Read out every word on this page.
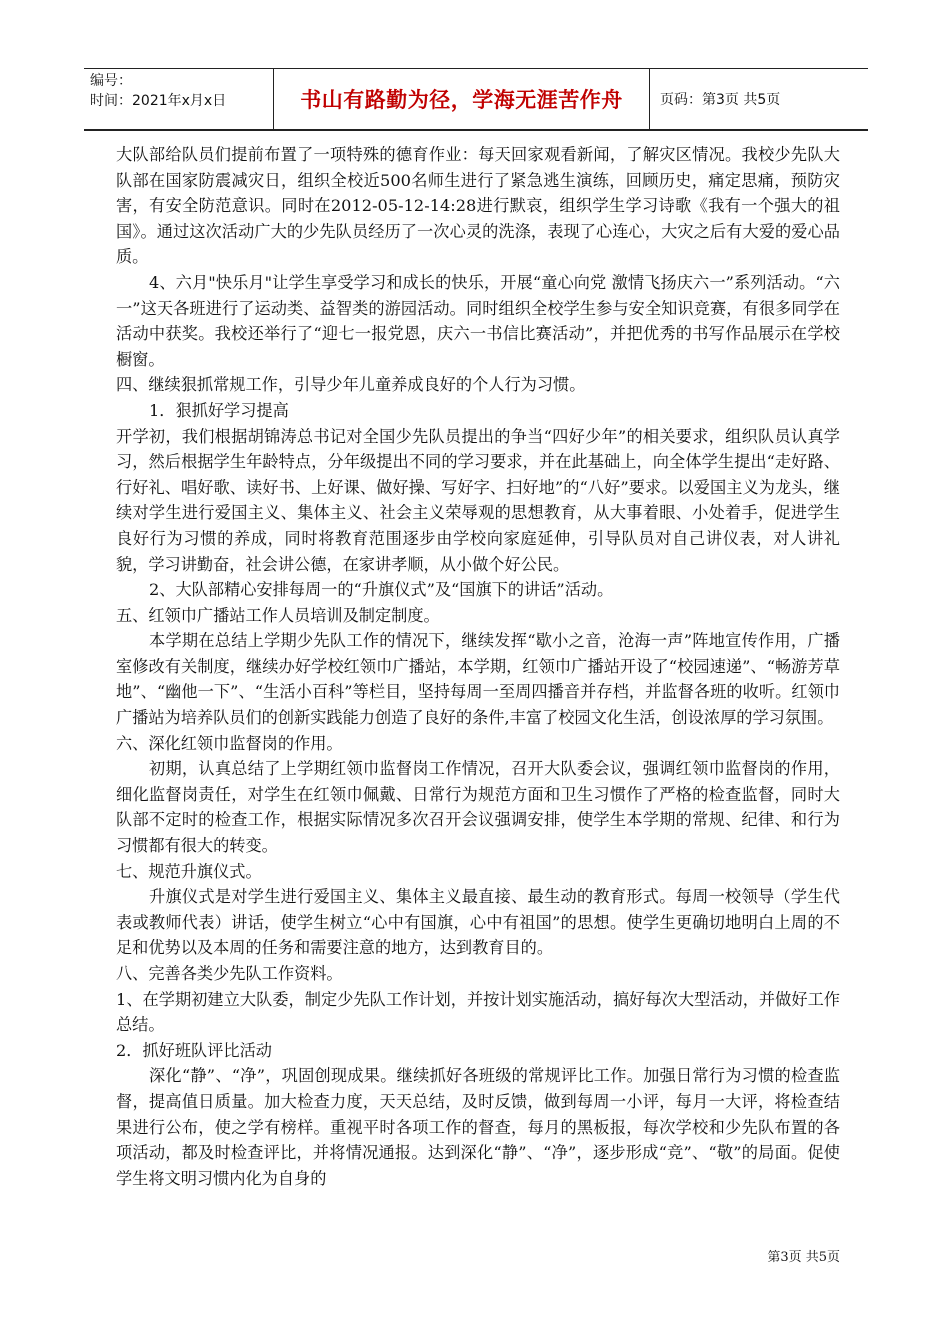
编号：
时间：2021年x月x日	书山有路勤为径，学海无涯苦作舟	页码：第3页 共5页

大队部给队员们提前布置了一项特殊的德育作业：每天回家观看新闻，了解灾区情况。我校少先队大队部在国家防震减灾日，组织全校近500名师生进行了紧急逃生演练，回顾历史，痛定思痛，预防灾害，有安全防范意识。同时在2012-05-12-14:28进行默哀，组织学生学习诗歌《我有一个强大的祖国》。通过这次活动广大的少先队员经历了一次心灵的洗涤，表现了心连心，大灾之后有大爱的爱心品质。

4、六月"快乐月"让学生享受学习和成长的快乐，开展“童心向党 激情飞扬庆六一”系列活动。“六一”这天各班进行了运动类、益智类的游园活动。同时组织全校学生参与安全知识竞赛，有很多同学在活动中获奖。我校还举行了“迎七一报党恩，庆六一书信比赛活动”，并把优秀的书写作品展示在学校橱窗。

四、继续狠抓常规工作，引导少年儿童养成良好的个人行为习惯。

1．狠抓好学习提高

开学初，我们根据胡锦涛总书记对全国少先队员提出的争当“四好少年”的相关要求，组织队员认真学习，然后根据学生年龄特点，分年级提出不同的学习要求，并在此基础上，向全体学生提出“走好路、行好礼、唱好歌、读好书、上好课、做好操、写好字、扫好地”的“八好”要求。以爱国主义为龙头，继续对学生进行爱国主义、集体主义、社会主义荣辱观的思想教育，从大事着眼、小处着手，促进学生良好行为习惯的养成，同时将教育范围逐步由学校向家庭延伸，引导队员对自己讲仪表，对人讲礼貌，学习讲勤奋，社会讲公德，在家讲孝顺，从小做个好公民。

2、大队部精心安排每周一的“升旗仪式”及“国旗下的讲话”活动。

五、红领巾广播站工作人员培训及制定制度。

本学期在总结上学期少先队工作的情况下，继续发挥“歇小之音，沧海一声”阵地宣传作用，广播室修改有关制度，继续办好学校红领巾广播站，本学期，红领巾广播站开设了“校园速递”、“畅游芳草地”、“幽他一下”、“生活小百科”等栏目，坚持每周一至周四播音并存档，并监督各班的收听。红领巾广播站为培养队员们的创新实践能力创造了良好的条件,丰富了校园文化生活，创设浓厚的学习氛围。

六、深化红领巾监督岗的作用。

初期，认真总结了上学期红领巾监督岗工作情况，召开大队委会议，强调红领巾监督岗的作用，细化监督岗责任，对学生在红领巾佩戴、日常行为规范方面和卫生习惯作了严格的检查监督，同时大队部不定时的检查工作，根据实际情况多次召开会议强调安排，使学生本学期的常规、纪律、和行为习惯都有很大的转变。

七、规范升旗仪式。

升旗仪式是对学生进行爱国主义、集体主义最直接、最生动的教育形式。每周一校领导（学生代表或教师代表）讲话，使学生树立“心中有国旗，心中有祖国”的思想。使学生更确切地明白上周的不足和优势以及本周的任务和需要注意的地方，达到教育目的。

八、完善各类少先队工作资料。

1、在学期初建立大队委，制定少先队工作计划，并按计划实施活动，搞好每次大型活动，并做好工作总结。

2．抓好班队评比活动

深化“静”、“净”，巩固创现成果。继续抓好各班级的常规评比工作。加强日常行为习惯的检查监督，提高值日质量。加大检查力度，天天总结，及时反馈，做到每周一小评，每月一大评，将检查结果进行公布，使之学有榜样。重视平时各项工作的督查，每月的黑板报，每次学校和少先队布置的各项活动，都及时检查评比，并将情况通报。达到深化“静”、“净”，逐步形成“竞”、“敬”的局面。促使学生将文明习惯内化为自身的

第3页 共5页
